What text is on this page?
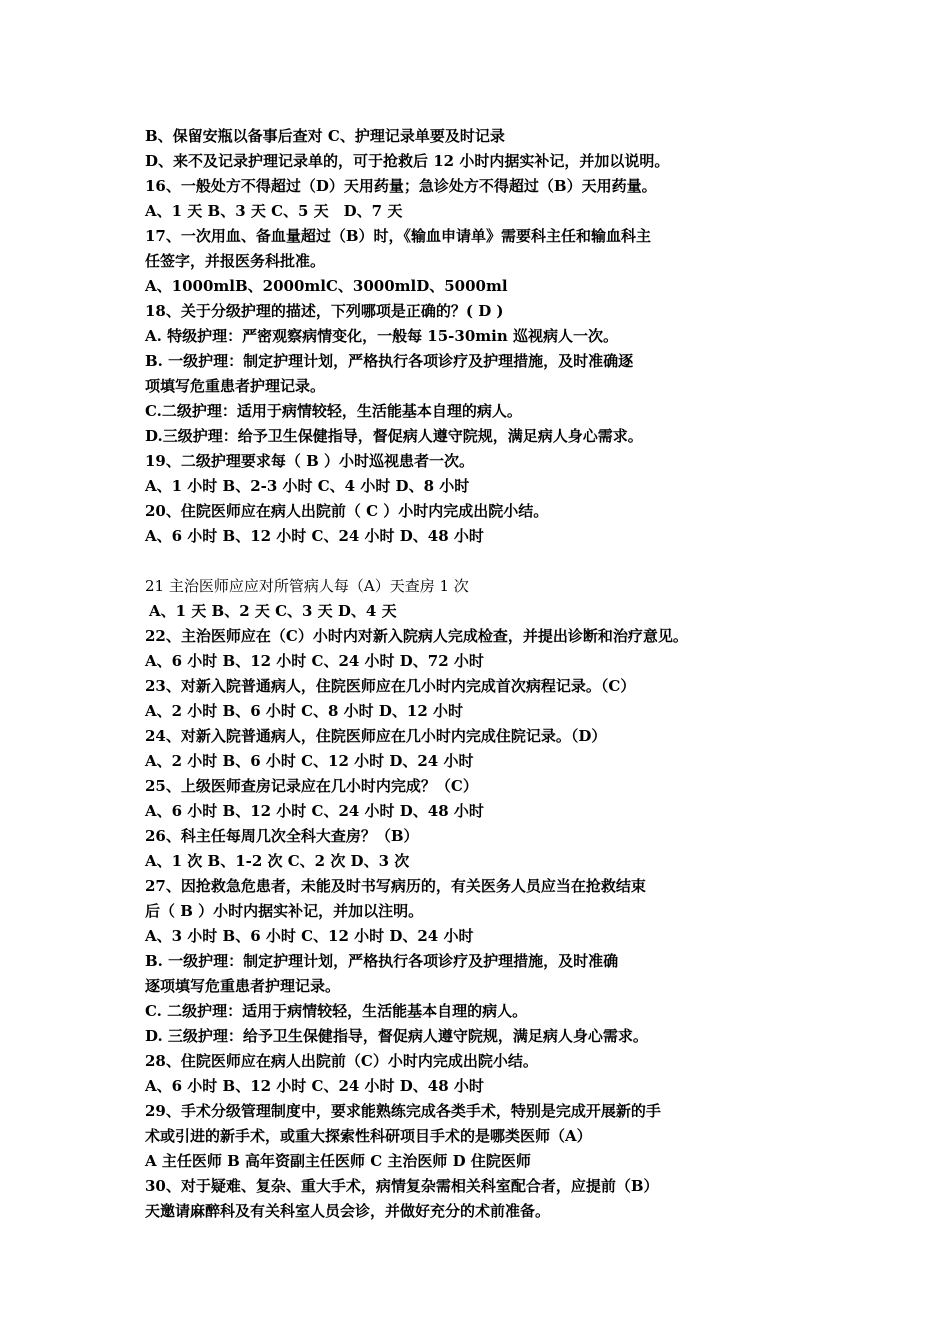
B、保留安瓶以备事后查对 C、护理记录单要及时记录
D、来不及记录护理记录单的，可于抢救后 12 小时内据实补记，并加以说明。
16、一般处方不得超过（D）天用药量；急诊处方不得超过（B）天用药量。
A、1 天 B、3 天 C、5 天　D、7 天
17、一次用血、备血量超过（B）时，《输血申请单》需要科主任和输血科主
任签字，并报医务科批准。
A、1000mlB、2000mlC、3000mlD、5000ml
18、关于分级护理的描述，下列哪项是正确的？( D )
A. 特级护理：严密观察病情变化，一般每 15-30min 巡视病人一次。
B. 一级护理：制定护理计划，严格执行各项诊疗及护理措施，及时准确逐
项填写危重患者护理记录。
C.二级护理：适用于病情较轻，生活能基本自理的病人。
D.三级护理：给予卫生保健指导，督促病人遵守院规，满足病人身心需求。
19、二级护理要求每（ B ）小时巡视患者一次。
A、1 小时 B、2-3 小时 C、4 小时 D、8 小时
20、住院医师应在病人出院前（ C ）小时内完成出院小结。
A、6 小时 B、12 小时 C、24 小时 D、48 小时
21 主治医师应应对所管病人每（A）天查房 1 次
A、1 天 B、2 天 C、3 天 D、4 天
22、主治医师应在（C）小时内对新入院病人完成检查，并提出诊断和治疗意见。
A、6 小时 B、12 小时 C、24 小时 D、72 小时
23、对新入院普通病人，住院医师应在几小时内完成首次病程记录。（C）
A、2 小时 B、6 小时 C、8 小时 D、12 小时
24、对新入院普通病人，住院医师应在几小时内完成住院记录。（D）
A、2 小时 B、6 小时 C、12 小时 D、24 小时
25、上级医师查房记录应在几小时内完成？（C）
A、6 小时 B、12 小时 C、24 小时 D、48 小时
26、科主任每周几次全科大查房？（B）
A、1 次 B、1-2 次 C、2 次 D、3 次
27、因抢救急危患者，未能及时书写病历的，有关医务人员应当在抢救结束
后（ B ）小时内据实补记，并加以注明。
A、3 小时 B、6 小时 C、12 小时 D、24 小时
B. 一级护理：制定护理计划，严格执行各项诊疗及护理措施，及时准确
逐项填写危重患者护理记录。
C. 二级护理：适用于病情较轻，生活能基本自理的病人。
D. 三级护理：给予卫生保健指导，督促病人遵守院规，满足病人身心需求。
28、住院医师应在病人出院前（C）小时内完成出院小结。
A、6 小时 B、12 小时 C、24 小时 D、48 小时
29、手术分级管理制度中，要求能熟练完成各类手术，特别是完成开展新的手
术或引进的新手术，或重大探索性科研项目手术的是哪类医师（A）
A 主任医师 B 高年资副主任医师 C 主治医师 D 住院医师
30、对于疑难、复杂、重大手术，病情复杂需相关科室配合者，应提前（B）
天邀请麻醉科及有关科室人员会诊，并做好充分的术前准备。
